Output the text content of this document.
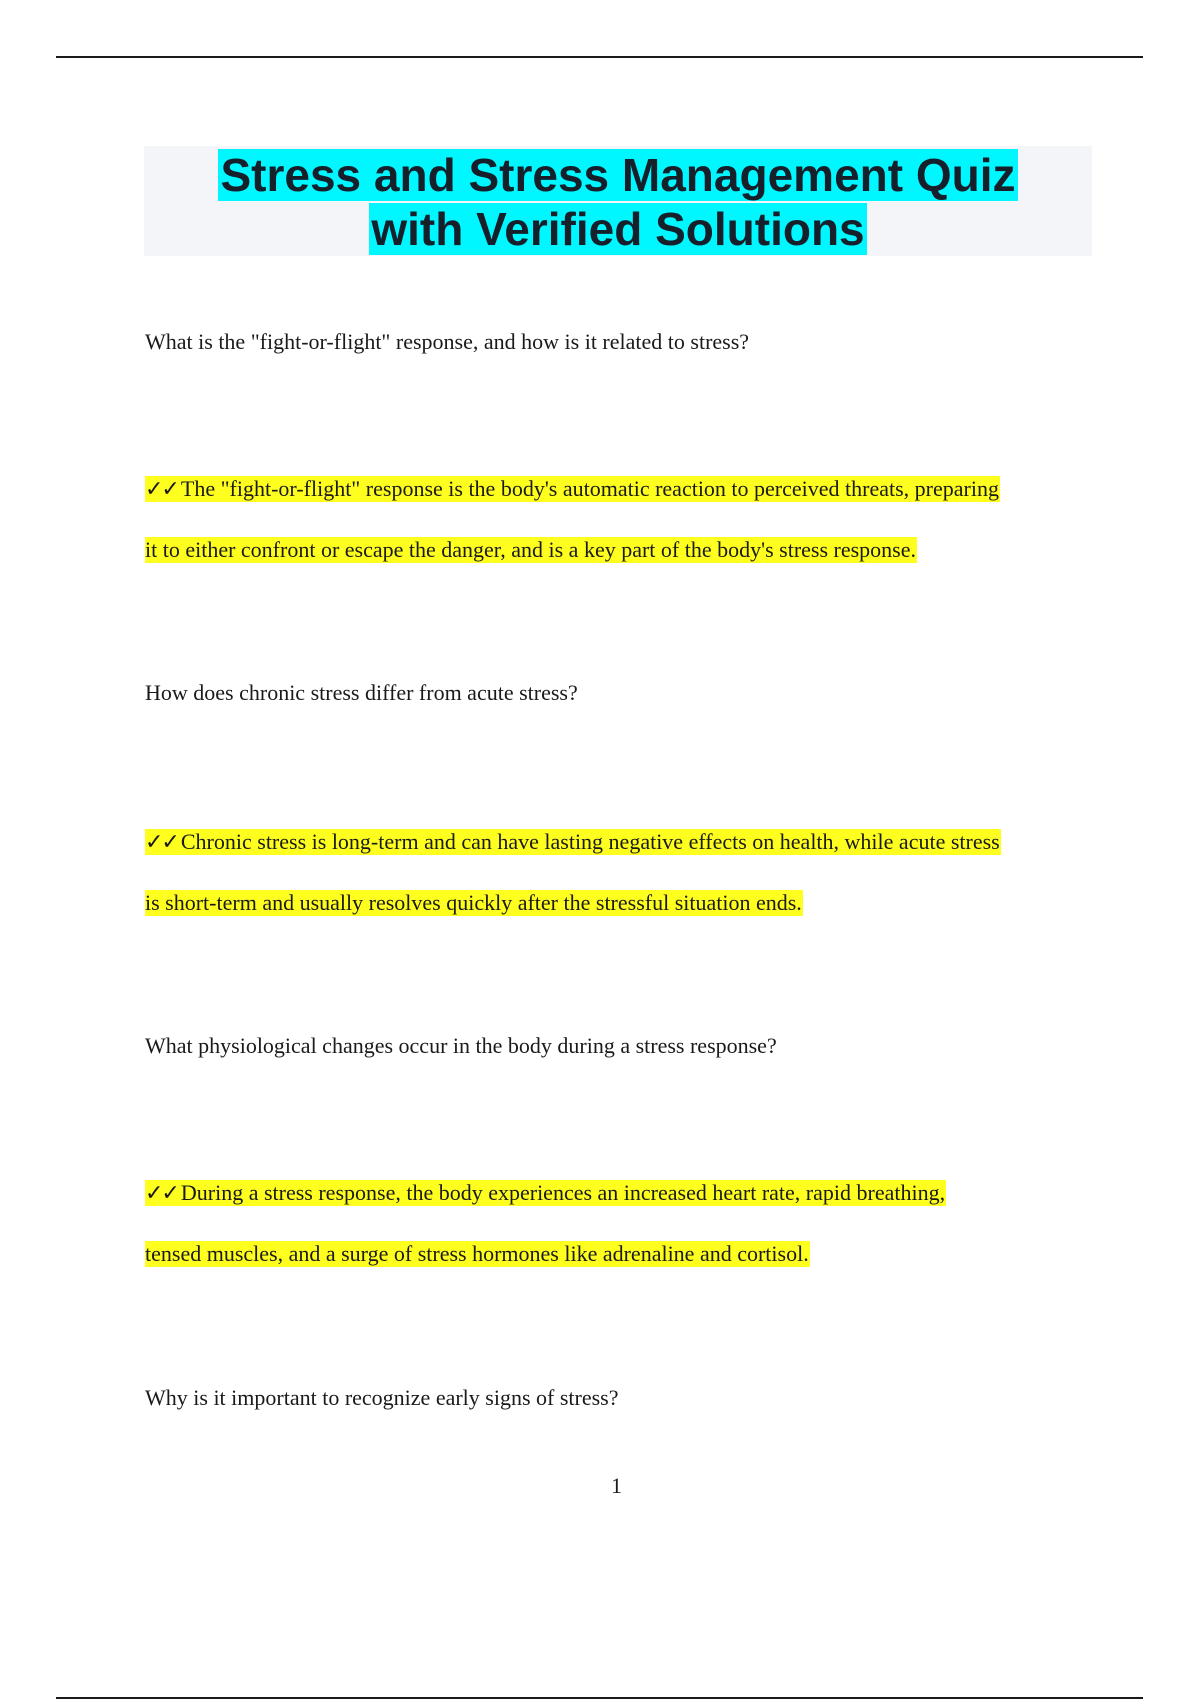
Stress and Stress Management Quiz
with Verified Solutions
What is the "fight-or-flight" response, and how is it related to stress?
✓✓ The "fight-or-flight" response is the body's automatic reaction to perceived threats, preparing
it to either confront or escape the danger, and is a key part of the body's stress response.
How does chronic stress differ from acute stress?
✓✓ Chronic stress is long-term and can have lasting negative effects on health, while acute stress
is short-term and usually resolves quickly after the stressful situation ends.
What physiological changes occur in the body during a stress response?
✓✓ During a stress response, the body experiences an increased heart rate, rapid breathing,
tensed muscles, and a surge of stress hormones like adrenaline and cortisol.
Why is it important to recognize early signs of stress?
1
